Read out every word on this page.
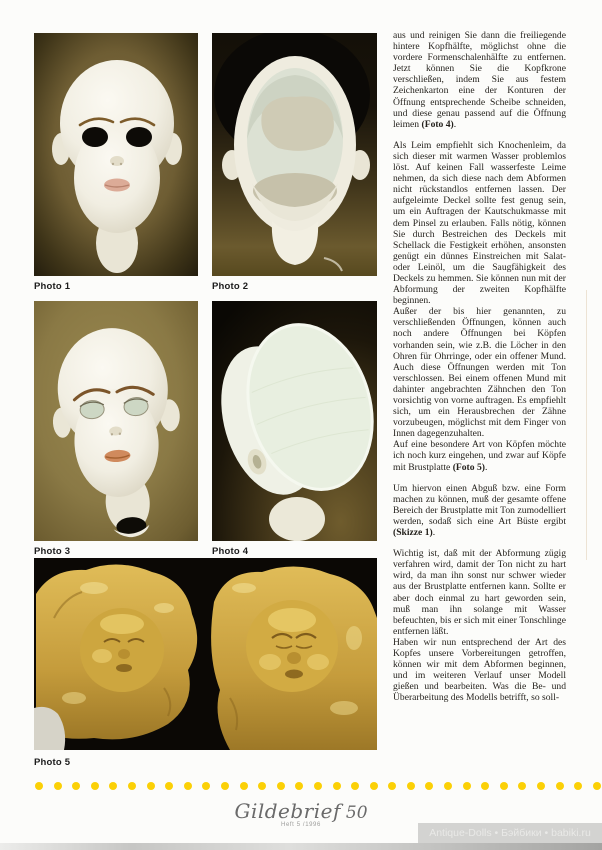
Photo 1	Photo 2
Photo 3	Photo 4
Photo 5

aus und reinigen Sie dann die freiliegende hintere Kopfhälfte, möglichst ohne die vordere Formenschalenhälfte zu entfernen. Jetzt können Sie die Kopfkrone verschließen, indem Sie aus festem Zeichenkarton eine der Konturen der Öffnung entsprechende Scheibe schneiden, und diese genau passend auf die Öffnung leimen (Foto 4).

Als Leim empfiehlt sich Knochenleim, da sich dieser mit warmen Wasser problemlos löst. Auf keinen Fall wasserfeste Leime nehmen, da sich diese nach dem Abformen nicht rückstandlos entfernen lassen. Der aufgeleimte Deckel sollte fest genug sein, um ein Auftragen der Kautschukmasse mit dem Pinsel zu erlauben. Falls nötig, können Sie durch Bestreichen des Deckels mit Schellack die Festigkeit erhöhen, ansonsten genügt ein dünnes Einstreichen mit Salat- oder Leinöl, um die Saugfähigkeit des Deckels zu hemmen. Sie können nun mit der Abformung der zweiten Kopfhälfte beginnen.

Außer der bis hier genannten, zu verschließenden Öffnungen, können auch noch andere Öffnungen bei Köpfen vorhanden sein, wie z.B. die Löcher in den Ohren für Ohrringe, oder ein offener Mund. Auch diese Öffnungen werden mit Ton verschlossen. Bei einem offenen Mund mit dahinter angebrachten Zähnchen den Ton vorsichtig von vorne auftragen. Es empfiehlt sich, um ein Herausbrechen der Zähne vorzubeugen, möglichst mit dem Finger von Innen dagegenzuhalten.

Auf eine besondere Art von Köpfen möchte ich noch kurz eingehen, und zwar auf Köpfe mit Brustplatte (Foto 5).

Um hiervon einen Abguß bzw. eine Form machen zu können, muß der gesamte offene Bereich der Brustplatte mit Ton zumodelliert werden, sodaß sich eine Art Büste ergibt (Skizze 1).

Wichtig ist, daß mit der Abformung zügig verfahren wird, damit der Ton nicht zu hart wird, da man ihn sonst nur schwer wieder aus der Brustplatte entfernen kann. Sollte er aber doch einmal zu hart geworden sein, muß man ihn solange mit Wasser befeuchten, bis er sich mit einer Tonschlinge entfernen läßt.

Haben wir nun entsprechend der Art des Kopfes unsere Vorbereitungen getroffen, können wir mit dem Abformen beginnen, und im weiteren Verlauf unser Modell gießen und bearbeiten. Was die Be- und Überarbeitung des Modells betrifft, so soll-

Gildebrief 50
Heft 5 /1996
Antique-Dolls • Бэйбики • babiki.ru
